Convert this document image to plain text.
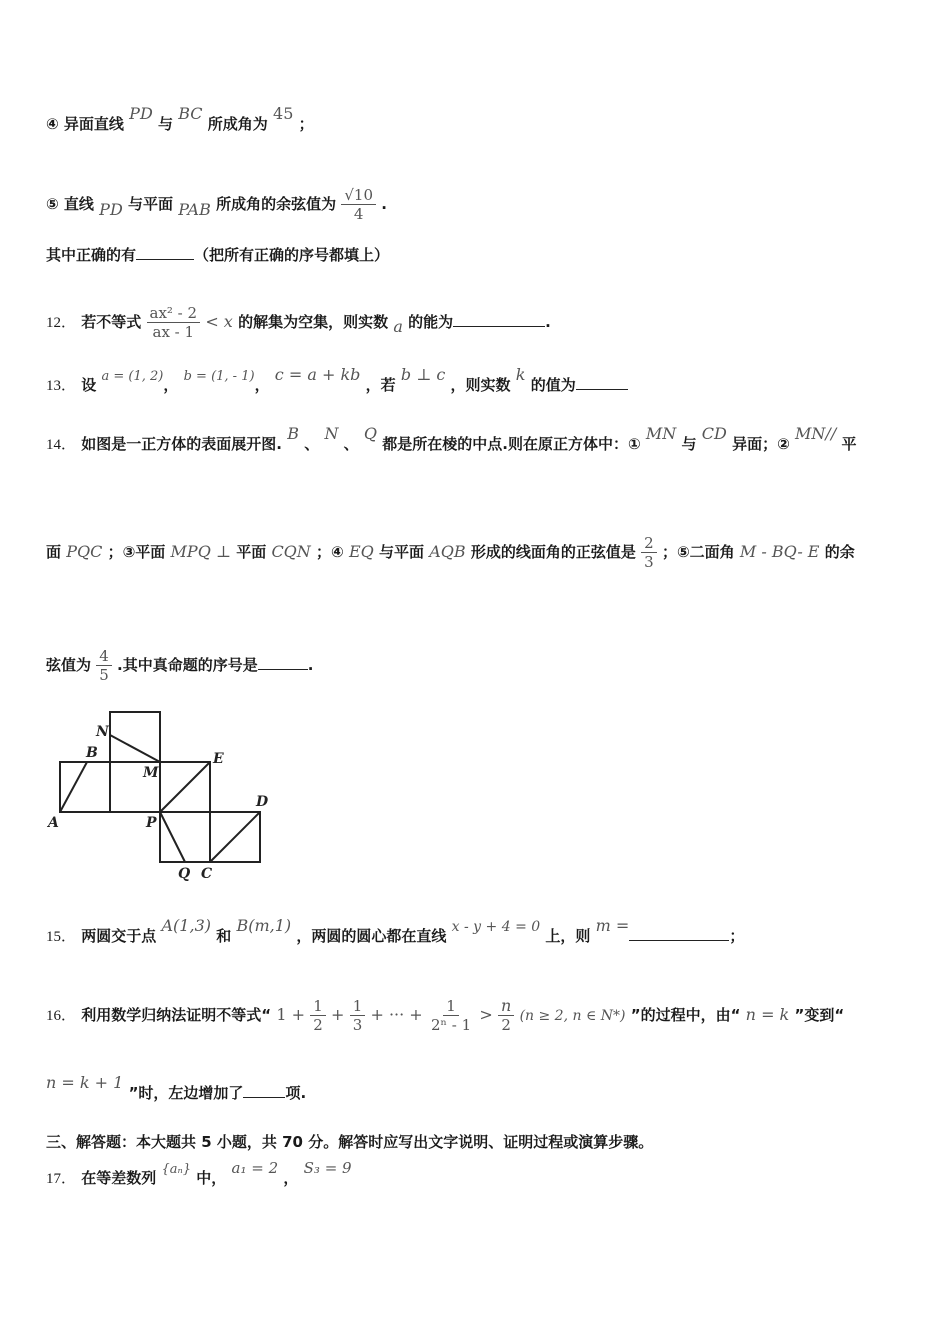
④ 异面直线 PD 与 BC 所成角为 45 ；
⑤ 直线 PD 与平面 PAB 所成角的余弦值为 $\frac{√10}{4}$ .
其中正确的有	（把所有正确的序号都填上）
12． 若不等式 $\frac{\text{ax² - 2}}{ax - 1} < x$ 的解集为空集，则实数 a 的能为	.
13． 设 a = (1, 2)， b = (1, - 1)， c = a + kb ，若 b ⊥ c ，则实数 k 的值为
14． 如图是一正方体的表面展开图. B 、 N 、 Q 都是所在棱的中点.则在原正方体中：① MN 与 CD 异面；② MN// 平
面 PQC ；③平面 MPQ ⊥ 平面 CQN ；④ EQ 与平面 AQB 形成的线面角的正弦值是 $\frac{2}{3}$ ；⑤二面角 M - BQ- E 的余
弦值为 $\frac{4}{5}$ .其中真命题的序号是	.
A
B
N
M
E
D
P
Q C
15． 两圆交于点 A(1,3) 和 B(m,1) ，两圆的圆心都在直线 x - y + 4 = 0 上，则 m =；
16． 利用数学归纳法证明不等式“ $1 + \frac{1}{2} + \frac{1}{3}$ + ··· + $\frac{1}{\text{2ⁿ - 1}} > \frac{n}{2} (n \ge 2$, n ∈ N*) ”的过程中，由“ n = k ”变到“
n = k + 1 ”时，左边增加了	项.
三、解答题：本大题共 5 小题，共 70 分。解答时应写出文字说明、证明过程或演算步骤。
17． 在等差数列 {aₙ} 中， a₁ = 2 ， S₃ = 9
